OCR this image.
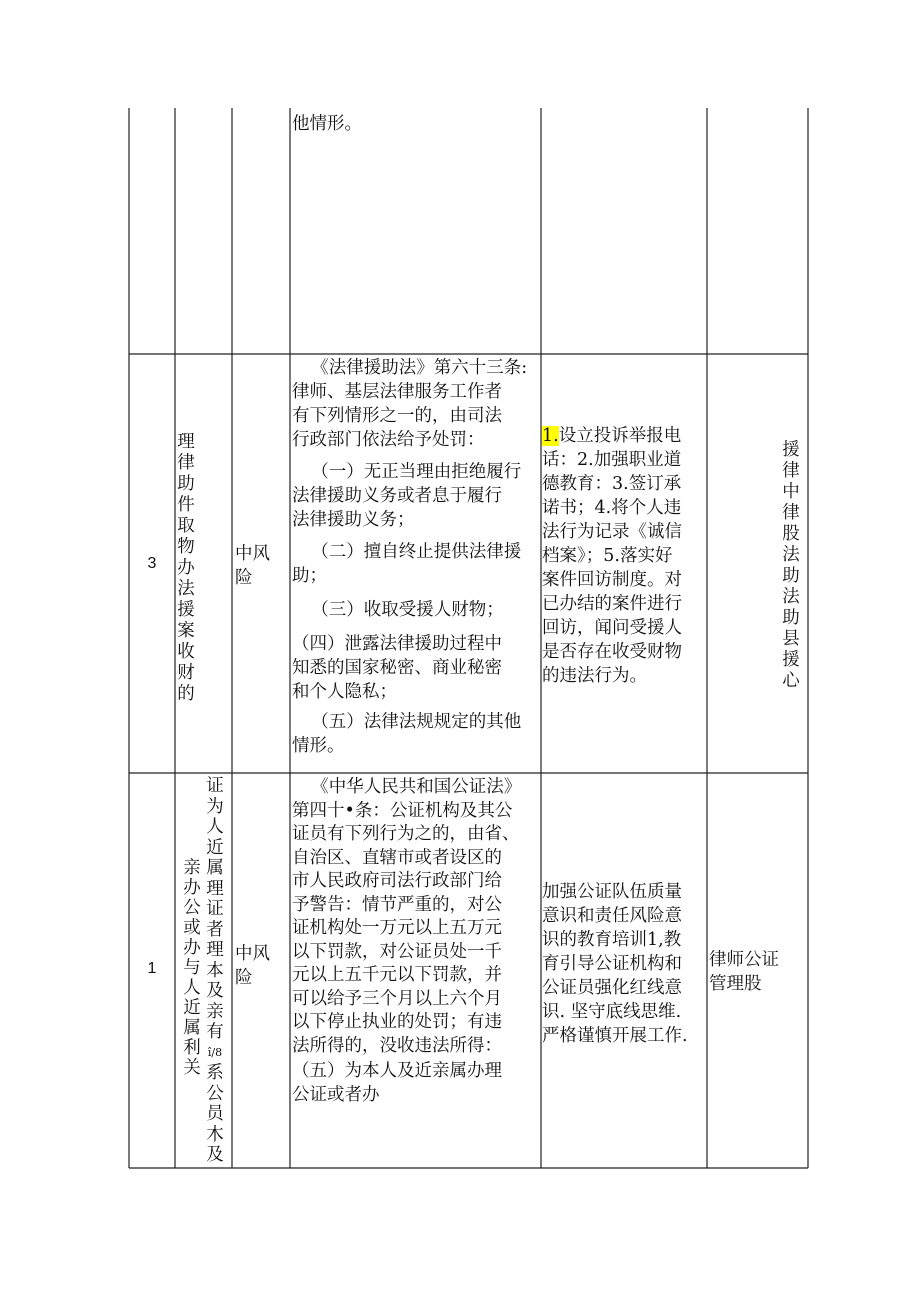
他情形。
3
理
律
助
件
取
物
办
法
援
案
收
财
的
中风
险
《法律援助法》第六十三条:
律师、基层法律服务工作者
有下列情形之一的，由司法
行政部门依法给予处罚：
（一）无正当理由拒绝履行
法律援助义务或者息于履行
法律援助义务；
（二）擅自终止提供法律援
助；
（三）收取受援人财物；
（四）泄露法律援助过程中
知悉的国家秘密、商业秘密
和个人隐私；
（五）法律法规规定的其他
情形。
1.设立投诉举报电
话：2.加强职业道
德教育：3.签订承
诺书；4.将个人违
法行为记录《诚信
档案》；5.落实好
案件回访制度。对
已办结的案件进行
回访，闻问受援人
是否存在收受财物
的违法行为。
援
律
中
律
股
法
助
法
助
县
援
心
1
亲
办
公
或
办
与
人
近
属
利
关
证
为
人
近
属
理
证
者
理
本
及
亲
有
î/8
系
公
员
木
及
中风
险
《中华人民共和国公证法》
第四十•条：公证机构及其公
证员有下列行为之的，由省、
自治区、直辖市或者设区的
市人民政府司法行政部门给
予警告：情节严重的，对公
证机构处一万元以上五万元
以下罚款，对公证员处一千
元以上五千元以下罚款，并
可以给予三个月以上六个月
以下停止执业的处罚；有违
法所得的，没收违法所得：
（五）为本人及近亲属办理
公证或者办
加强公证队伍质量
意识和责任风险意
识的教育培训1,教
育引导公证机构和
公证员强化红线意
识. 坚守底线思维.
严格谨慎开展工作.
律师公证
管理股
